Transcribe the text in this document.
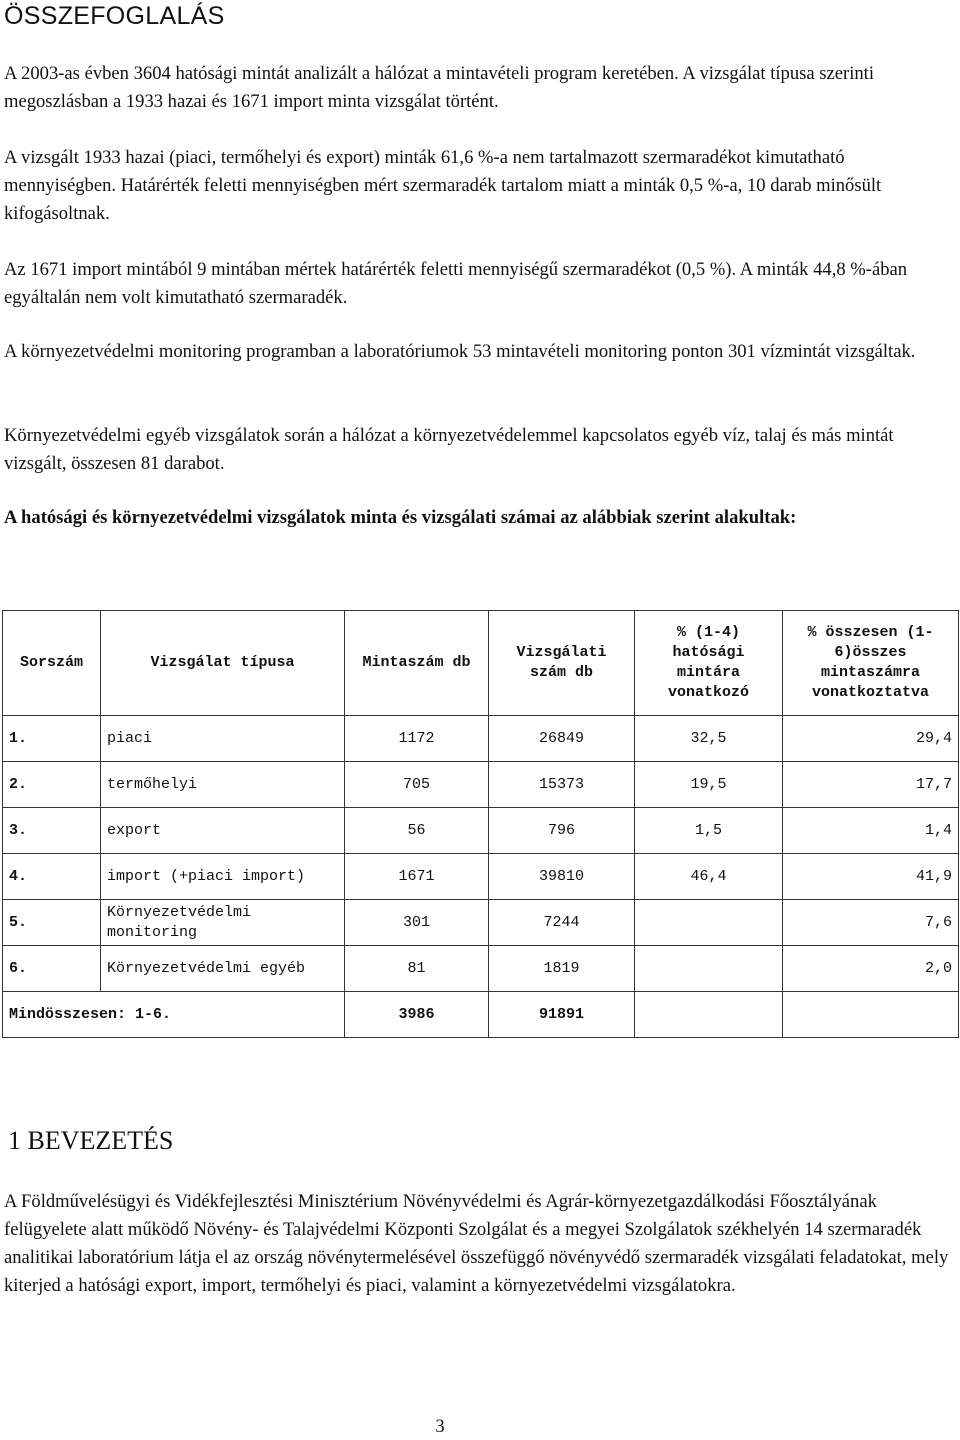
ÖSSZEFOGLALÁS

A 2003-as évben 3604 hatósági mintát analizált a hálózat a mintavételi program keretében. A vizsgálat típusa szerinti megoszlásban a 1933 hazai és 1671 import minta vizsgálat történt.

A vizsgált 1933 hazai (piaci, termőhelyi és export) minták 61,6 %-a nem tartalmazott szermaradékot kimutatható mennyiségben. Határérték feletti mennyiségben mért szermaradék tartalom miatt a minták 0,5 %-a, 10 darab minősült kifogásoltnak.

Az 1671 import mintából 9 mintában mértek határérték feletti mennyiségű szermaradékot (0,5 %). A minták 44,8 %-ában egyáltalán nem volt kimutatható szermaradék.

A környezetvédelmi monitoring programban a laboratóriumok 53 mintavételi monitoring ponton 301 vízmintát vizsgáltak.

Környezetvédelmi egyéb vizsgálatok során a hálózat a környezetvédelemmel kapcsolatos egyéb víz, talaj és más mintát vizsgált, összesen 81 darabot.

A hatósági és környezetvédelmi vizsgálatok minta és vizsgálati számai az alábbiak szerint alakultak:

Sorszám	Vizsgálat típusa	Mintaszám db	Vizsgálati szám db	% (1-4) hatósági mintára vonatkozó	% összesen (1-6)összes mintaszámra vonatkoztatva
1.	piaci	1172	26849	32,5	29,4
2.	termőhelyi	705	15373	19,5	17,7
3.	export	56	796	1,5	1,4
4.	import (+piaci import)	1671	39810	46,4	41,9
5.	Környezetvédelmi monitoring	301	7244		7,6
6.	Környezetvédelmi egyéb	81	1819		2,0
Mindösszesen: 1-6.		3986	91891		
1 BEVEZETÉS

A Földművelésügyi és Vidékfejlesztési Minisztérium Növényvédelmi és Agrár-környezetgazdálkodási Főosztályának felügyelete alatt működő Növény- és Talajvédelmi Központi Szolgálat és a megyei Szolgálatok székhelyén 14 szermaradék analitikai laboratórium látja el az ország növénytermelésével összefüggő növényvédő szermaradék vizsgálati feladatokat, mely kiterjed a hatósági export, import, termőhelyi és piaci, valamint a környezetvédelmi vizsgálatokra.

3
